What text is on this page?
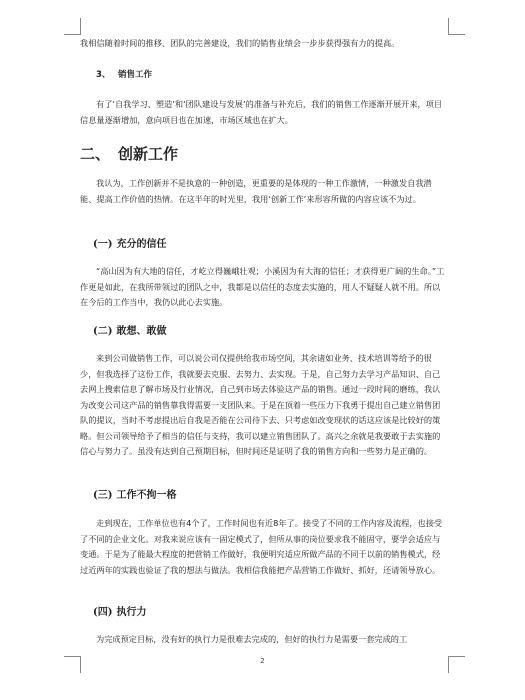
我相信随着时间的推移、团队的完善建设，我们的销售业绩会一步步获得强有力的提高。
3、 销售工作
有了‘自我学习、塑造’和‘团队建设与发展’的准备与补充后，我们的销售工作逐渐开展开来，项目信息量逐渐增加，意向项目也在加速，市场区域也在扩大。
二、 创新工作
我认为，工作创新并不是执意的一种创造，更重要的是体现的一种工作激情，一种激发自我潜能、提高工作价值的热情。在这半年的时光里，我用‘创新工作’来形容所做的内容应该不为过。
(一) 充分的信任
“高山因为有大地的信任，才屹立得巍峨壮观；小溪因为有大海的信任；才获得更广阔的生命。”工作更是如此，在我所带领过的团队之中，我都是以信任的态度去实施的，用人不疑疑人就不用。所以在今后的工作当中，我仍以此心去实施。
(二) 敢想、敢做
来到公司做销售工作，可以说公司仅提供给我市场空间，其余诸如业务、技术培训等给予的很少，但我选择了这份工作，我就要去克服、去努力、去实现。于是，自己努力去学习产品知识、自己去网上搜索信息了解市场及行业情况，自己到市场去体验这产品的销售。通过一段时间的磨练，我认为改变公司这产品的销售靠我得需要一支团队来。于是在顶着一些压力下我勇于提出自己建立销售团队的提议，当时不考虑提出后自我是否能在公司待下去、只考虑如改变现状的话这应该是比较好的策略。但公司领导给予了相当的信任与支持，我可以建立销售团队了。高兴之余就是我要敢于去实施的信心与努力了。虽没有达到自己预期目标，但时间还是证明了我的销售方向和一些努力是正确的。
(三) 工作不拘一格
走到现在，工作单位也有4个了，工作时间也有近8年了。接受了不同的工作内容及流程，也接受了不同的企业文化。对我来说应该有一固定模式了，但所从事的岗位要求我不能固守，要学会适应与变通。于是为了能最大程度的把营销工作做好，我便明究适应所做产品的不同于以前的销售模式，经过近两年的实践也验证了我的想法与做法。我相信我能把产品营销工作做好、抓好，还请领导放心。
(四) 执行力
为完成预定目标，没有好的执行力是很难去完成的，但好的执行力是需要一套完成的工
2
